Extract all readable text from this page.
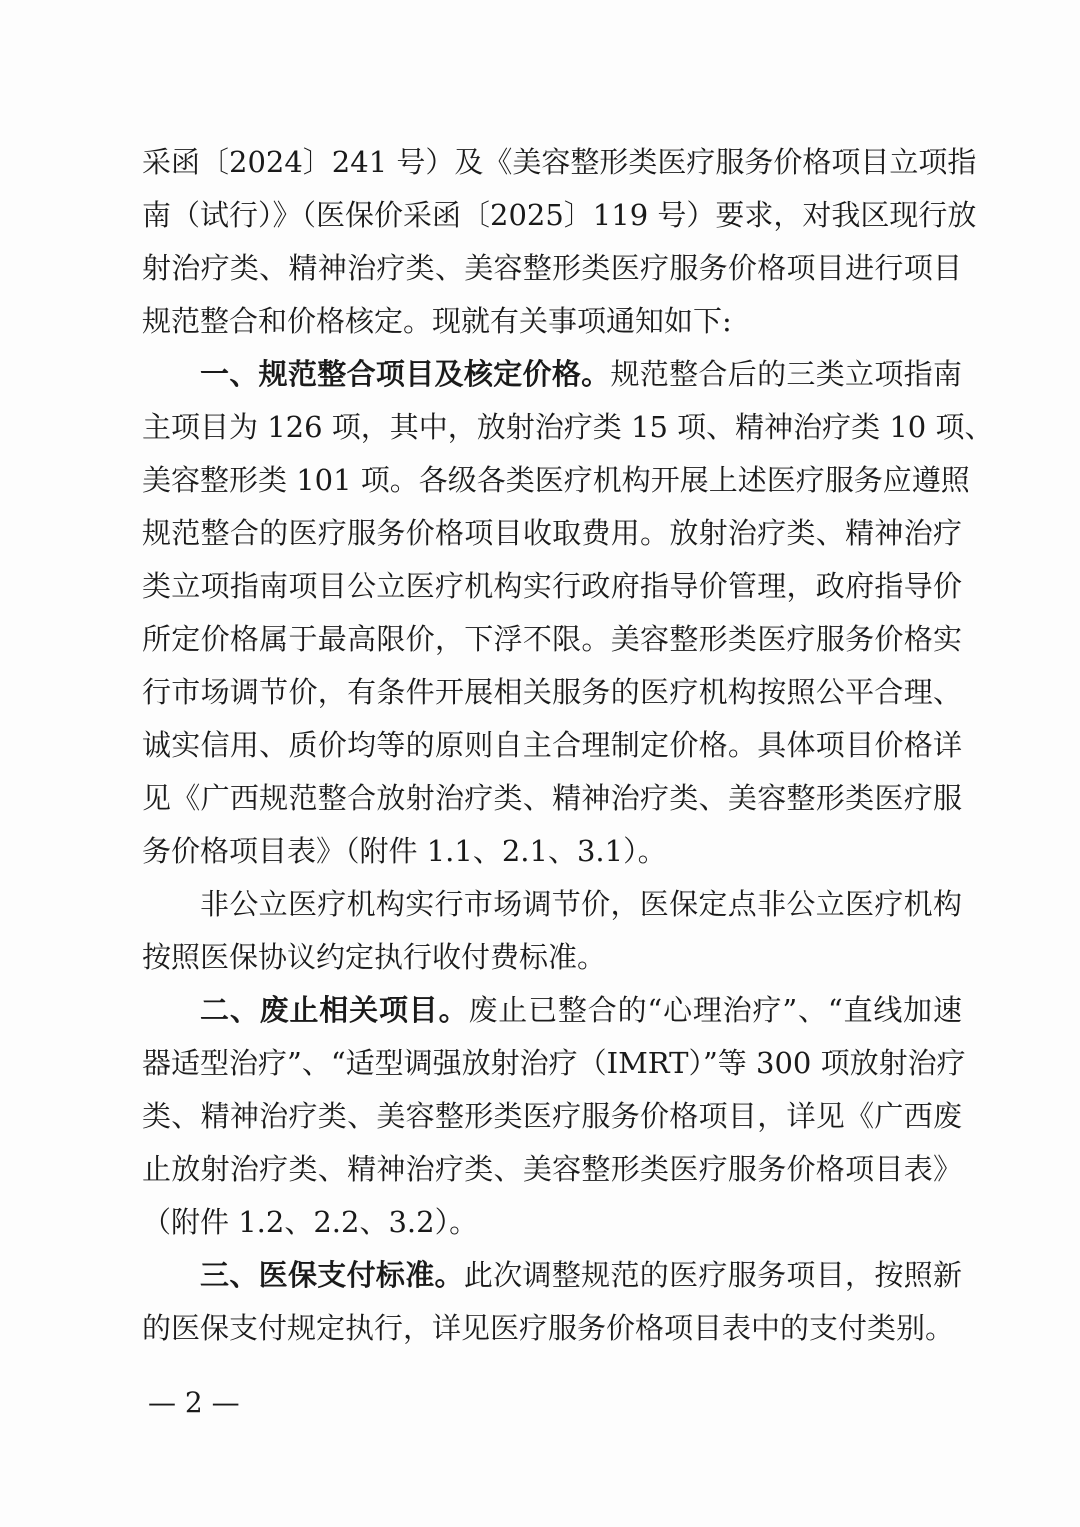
采函〔2024〕241 号）及《美容整形类医疗服务价格项目立项指
南（试行）》（医保价采函〔2025〕119 号）要求，对我区现行放
射治疗类、精神治疗类、美容整形类医疗服务价格项目进行项目
规范整合和价格核定。现就有关事项通知如下:
一、规范整合项目及核定价格。规范整合后的三类立项指南
主项目为 126 项，其中，放射治疗类 15 项、精神治疗类 10 项、
美容整形类 101 项。各级各类医疗机构开展上述医疗服务应遵照
规范整合的医疗服务价格项目收取费用。放射治疗类、精神治疗
类立项指南项目公立医疗机构实行政府指导价管理，政府指导价
所定价格属于最高限价，下浮不限。美容整形类医疗服务价格实
行市场调节价，有条件开展相关服务的医疗机构按照公平合理、
诚实信用、质价均等的原则自主合理制定价格。具体项目价格详
见《广西规范整合放射治疗类、精神治疗类、美容整形类医疗服
务价格项目表》（附件 1.1、2.1、3.1）。
非公立医疗机构实行市场调节价，医保定点非公立医疗机构
按照医保协议约定执行收付费标准。
二、废止相关项目。废止已整合的“心理治疗”、“直线加速
器适型治疗”、“适型调强放射治疗（IMRT）”等 300 项放射治疗
类、精神治疗类、美容整形类医疗服务价格项目，详见《广西废
止放射治疗类、精神治疗类、美容整形类医疗服务价格项目表》
（附件 1.2、2.2、3.2）。
三、医保支付标准。此次调整规范的医疗服务项目，按照新
的医保支付规定执行，详见医疗服务价格项目表中的支付类别。
— 2 —
